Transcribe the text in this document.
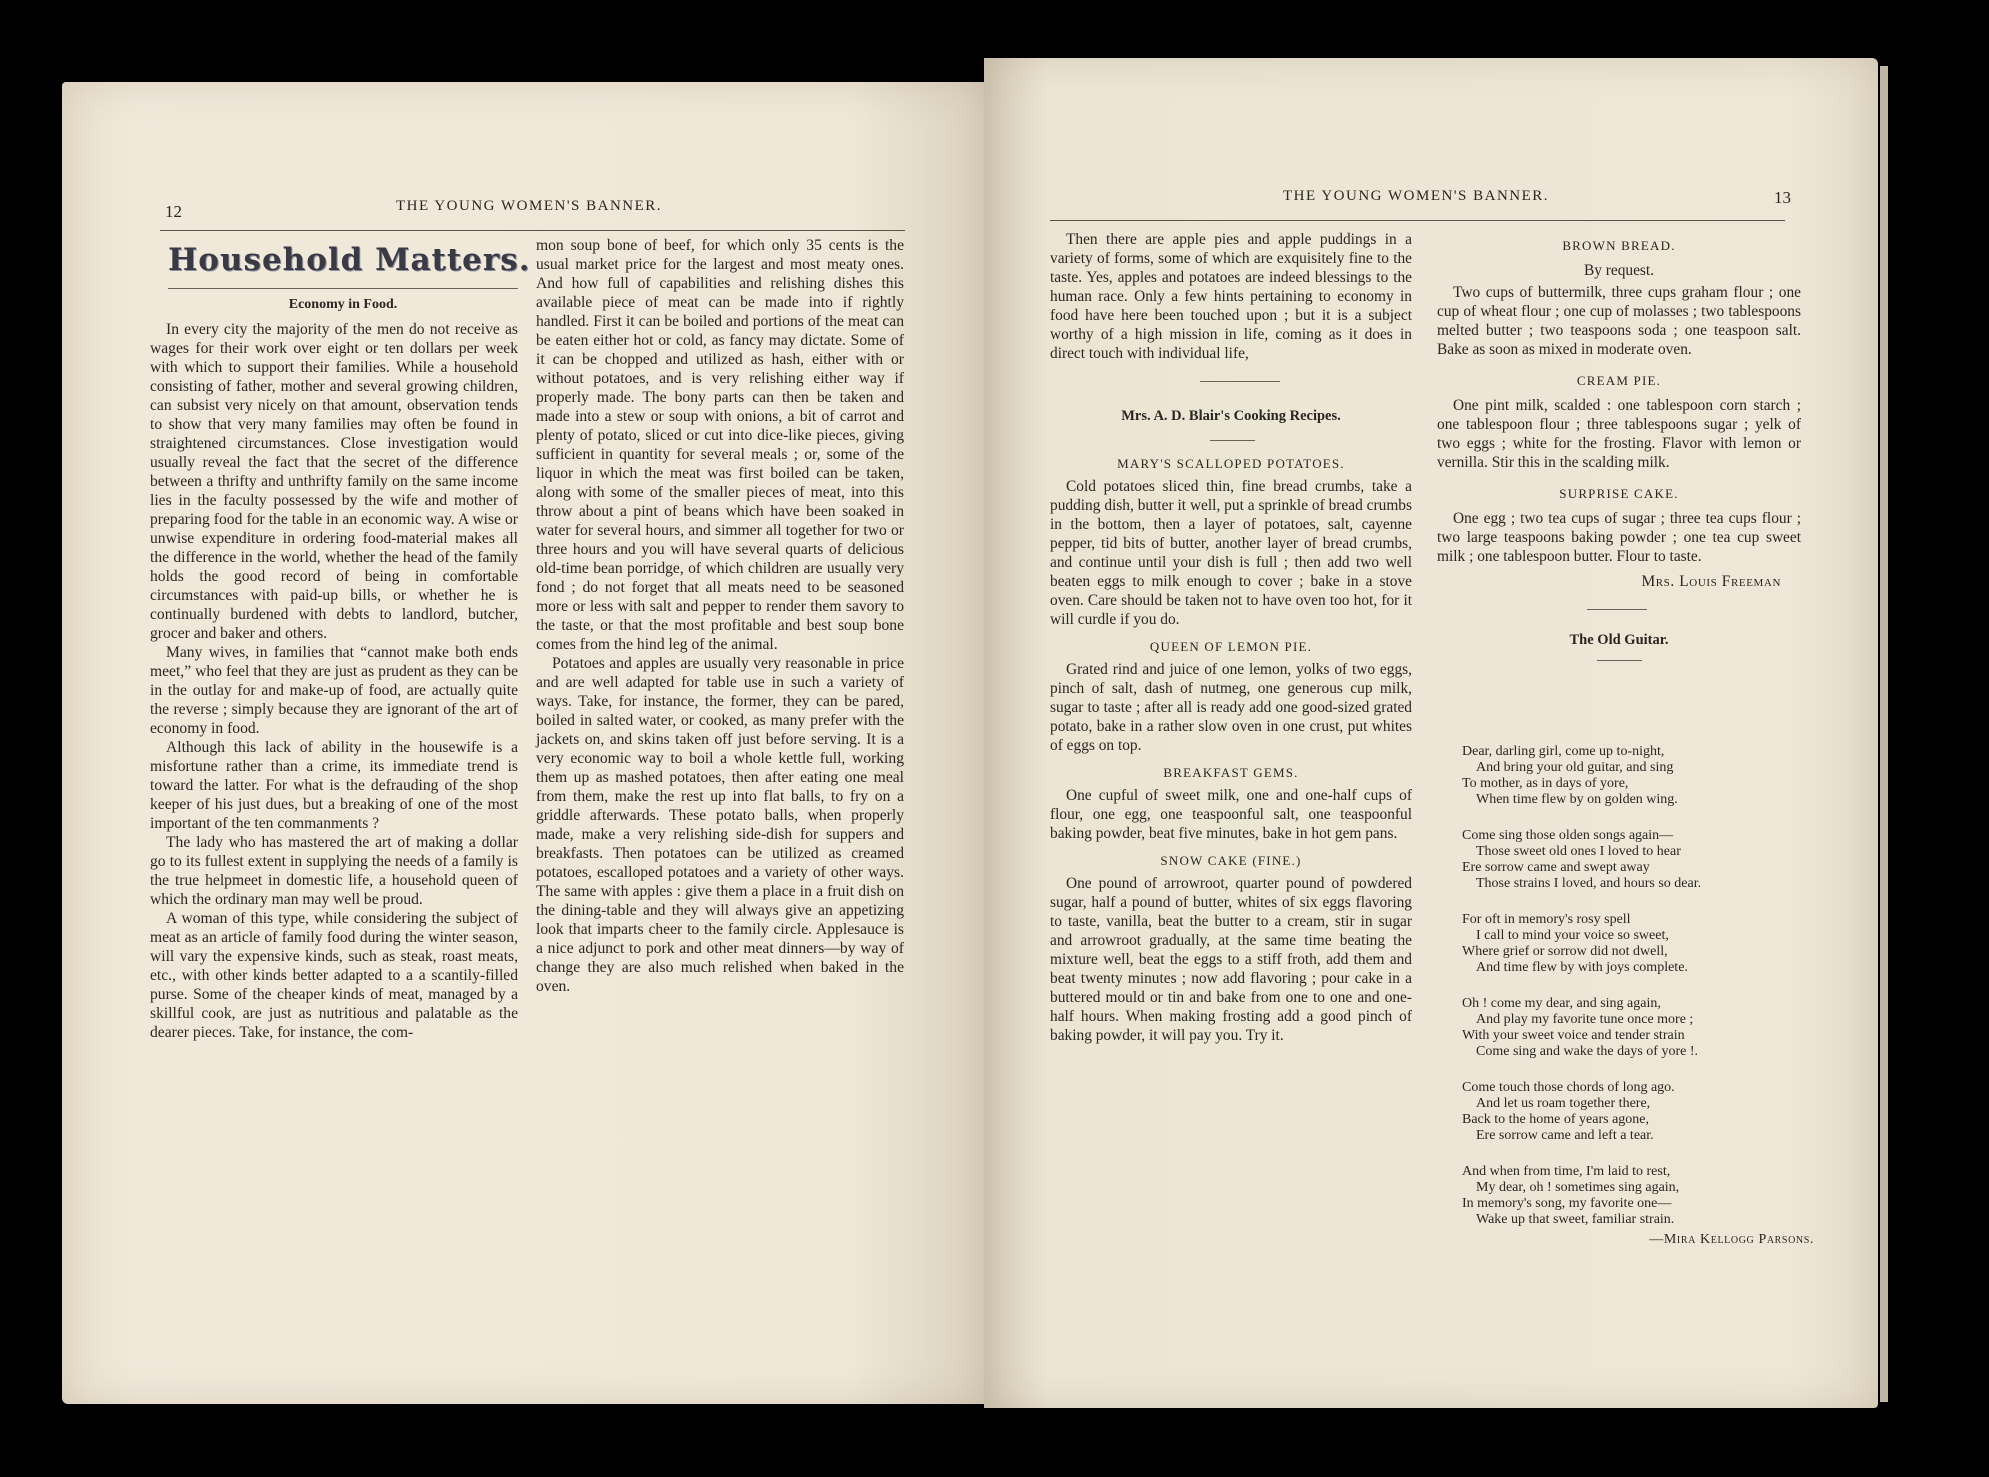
12	THE YOUNG WOMEN'S BANNER.
Household Matters.
Economy in Food.

In every city the majority of the men do not receive as wages for their work over eight or ten dollars per week with which to support their families. While a household consisting of father, mother and several growing children, can subsist very nicely on that amount, observation tends to show that very many families may often be found in straightened circumstances. Close investigation would usually reveal the fact that the secret of the difference between a thrifty and unthrifty family on the same income lies in the faculty possessed by the wife and mother of preparing food for the table in an economic way. A wise or unwise expenditure in ordering food-material makes all the difference in the world, whether the head of the family holds the good record of being in comfortable circumstances with paid-up bills, or whether he is continually burdened with debts to landlord, butcher, grocer and baker and others.

Many wives, in families that “cannot make both ends meet,” who feel that they are just as prudent as they can be in the outlay for and make-up of food, are actually quite the reverse ; simply because they are ignorant of the art of economy in food.

Although this lack of ability in the housewife is a misfortune rather than a crime, its immediate trend is toward the latter. For what is the defrauding of the shop keeper of his just dues, but a breaking of one of the most important of the ten commanments ?

The lady who has mastered the art of making a dollar go to its fullest extent in supplying the needs of a family is the true helpmeet in domestic life, a household queen of which the ordinary man may well be proud.

A woman of this type, while considering the subject of meat as an article of family food during the winter season, will vary the expensive kinds, such as steak, roast meats, etc., with other kinds better adapted to a a scantily-filled purse. Some of the cheaper kinds of meat, managed by a skillful cook, are just as nutritious and palatable as the dearer pieces. Take, for instance, the com-

mon soup bone of beef, for which only 35 cents is the usual market price for the largest and most meaty ones. And how full of capabilities and relishing dishes this available piece of meat can be made into if rightly handled. First it can be boiled and portions of the meat can be eaten either hot or cold, as fancy may dictate. Some of it can be chopped and utilized as hash, either with or without potatoes, and is very relishing either way if properly made. The bony parts can then be taken and made into a stew or soup with onions, a bit of carrot and plenty of potato, sliced or cut into dice-like pieces, giving sufficient in quantity for several meals ; or, some of the liquor in which the meat was first boiled can be taken, along with some of the smaller pieces of meat, into this throw about a pint of beans which have been soaked in water for several hours, and simmer all together for two or three hours and you will have several quarts of delicious old-time bean porridge, of which children are usually very fond ; do not forget that all meats need to be seasoned more or less with salt and pepper to render them savory to the taste, or that the most profitable and best soup bone comes from the hind leg of the animal.

Potatoes and apples are usually very reasonable in price and are well adapted for table use in such a variety of ways. Take, for instance, the former, they can be pared, boiled in salted water, or cooked, as many prefer with the jackets on, and skins taken off just before serving. It is a very economic way to boil a whole kettle full, working them up as mashed potatoes, then after eating one meal from them, make the rest up into flat balls, to fry on a griddle afterwards. These potato balls, when properly made, make a very relishing side-dish for suppers and breakfasts. Then potatoes can be utilized as creamed potatoes, escalloped potatoes and a variety of other ways. The same with apples : give them a place in a fruit dish on the dining-table and they will always give an appetizing look that imparts cheer to the family circle. Applesauce is a nice adjunct to pork and other meat dinners—by way of change they are also much relished when baked in the oven.

THE YOUNG WOMEN'S BANNER.	13

Then there are apple pies and apple puddings in a variety of forms, some of which are exquisitely fine to the taste. Yes, apples and potatoes are indeed blessings to the human race. Only a few hints pertaining to economy in food have here been touched upon ; but it is a subject worthy of a high mission in life, coming as it does in direct touch with individual life,

Mrs. A. D. Blair's Cooking Recipes.
MARY'S SCALLOPED POTATOES.

Cold potatoes sliced thin, fine bread crumbs, take a pudding dish, butter it well, put a sprinkle of bread crumbs in the bottom, then a layer of potatoes, salt, cayenne pepper, tid bits of butter, another layer of bread crumbs, and continue until your dish is full ; then add two well beaten eggs to milk enough to cover ; bake in a stove oven. Care should be taken not to have oven too hot, for it will curdle if you do.

QUEEN OF LEMON PIE.

Grated rind and juice of one lemon, yolks of two eggs, pinch of salt, dash of nutmeg, one generous cup milk, sugar to taste ; after all is ready add one good-sized grated potato, bake in a rather slow oven in one crust, put whites of eggs on top.

BREAKFAST GEMS.

One cupful of sweet milk, one and one-half cups of flour, one egg, one teaspoonful salt, one teaspoonful baking powder, beat five minutes, bake in hot gem pans.

SNOW CAKE (FINE.)

One pound of arrowroot, quarter pound of powdered sugar, half a pound of butter, whites of six eggs flavoring to taste, vanilla, beat the butter to a cream, stir in sugar and arrowroot gradually, at the same time beating the mixture well, beat the eggs to a stiff froth, add them and beat twenty minutes ; now add flavoring ; pour cake in a buttered mould or tin and bake from one to one and one-half hours. When making frosting add a good pinch of baking powder, it will pay you. Try it.

BROWN BREAD.
By request.

Two cups of buttermilk, three cups graham flour ; one cup of wheat flour ; one cup of molasses ; two tablespoons melted butter ; two teaspoons soda ; one teaspoon salt. Bake as soon as mixed in moderate oven.

CREAM PIE.

One pint milk, scalded : one tablespoon corn starch ; one tablespoon flour ; three tablespoons sugar ; yelk of two eggs ; white for the frosting. Flavor with lemon or vernilla. Stir this in the scalding milk.

SURPRISE CAKE.

One egg ; two tea cups of sugar ; three tea cups flour ; two large teaspoons baking powder ; one tea cup sweet milk ; one tablespoon butter. Flour to taste.

Mrs. Louis Freeman
The Old Guitar.
Dear, darling girl, come up to-night,
And bring your old guitar, and sing
To mother, as in days of yore,
When time flew by on golden wing.
Come sing those olden songs again—
Those sweet old ones I loved to hear
Ere sorrow came and swept away
Those strains I loved, and hours so dear.
For oft in memory's rosy spell
I call to mind your voice so sweet,
Where grief or sorrow did not dwell,
And time flew by with joys complete.
Oh ! come my dear, and sing again,
And play my favorite tune once more ;
With your sweet voice and tender strain
Come sing and wake the days of yore !.
Come touch those chords of long ago.
And let us roam together there,
Back to the home of years agone,
Ere sorrow came and left a tear.
And when from time, I'm laid to rest,
My dear, oh ! sometimes sing again,
In memory's song, my favorite one—
Wake up that sweet, familiar strain.
—Mira Kellogg Parsons.
